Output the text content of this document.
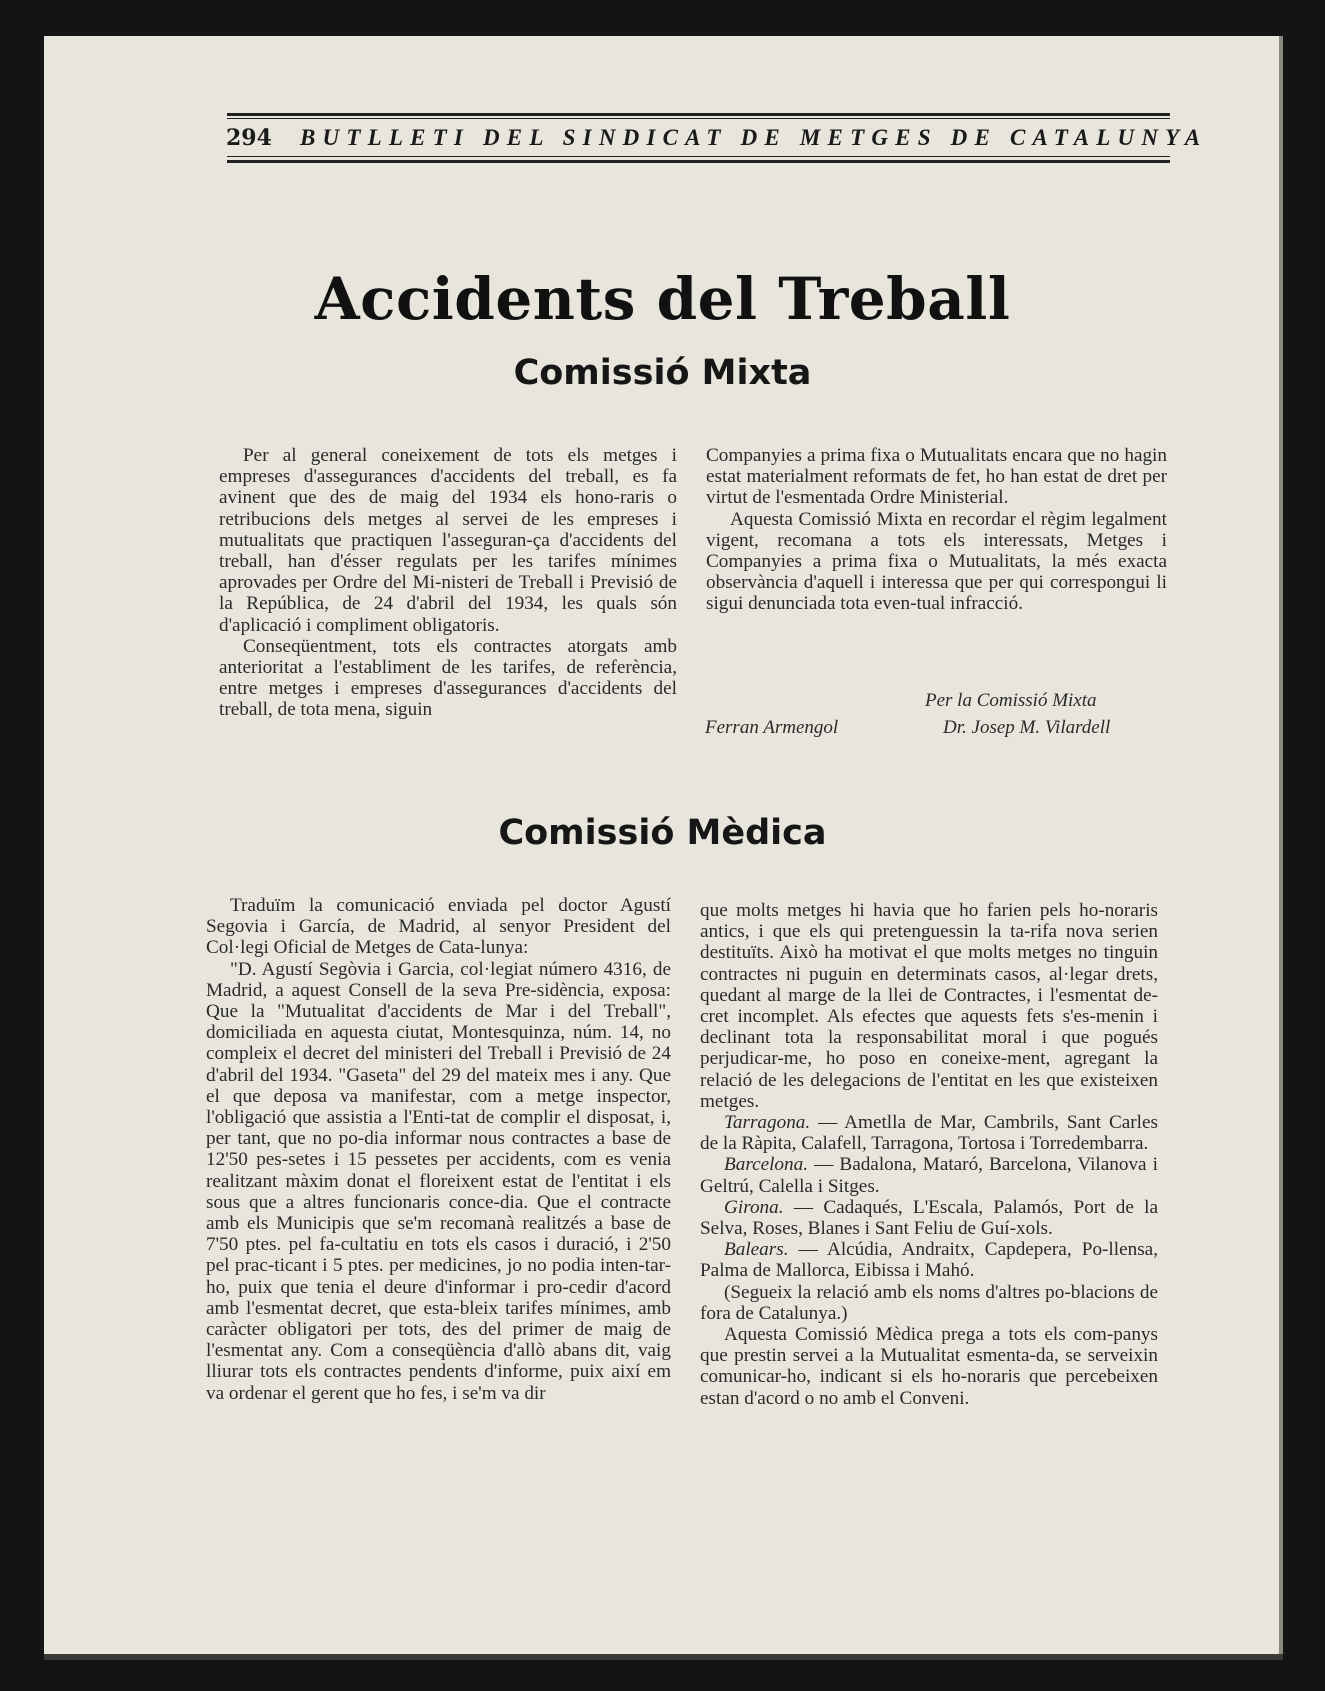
294 BUTLLETI DEL SINDICAT DE METGES DE CATALUNYA
Accidents del Treball
Comissió Mixta

Per al general coneixement de tots els metges i empreses d'assegurances d'accidents del treball, es fa avinent que des de maig del 1934 els hono-raris o retribucions dels metges al servei de les empreses i mutualitats que practiquen l'asseguran-ça d'accidents del treball, han d'ésser regulats per les tarifes mínimes aprovades per Ordre del Mi-nisteri de Treball i Previsió de la República, de 24 d'abril del 1934, les quals són d'aplicació i compliment obligatoris.

Conseqüentment, tots els contractes atorgats amb anterioritat a l'establiment de les tarifes, de referència, entre metges i empreses d'assegurances d'accidents del treball, de tota mena, siguin

Companyies a prima fixa o Mutualitats encara que no hagin estat materialment reformats de fet, ho han estat de dret per virtut de l'esmentada Ordre Ministerial.

Aquesta Comissió Mixta en recordar el règim legalment vigent, recomana a tots els interessats, Metges i Companyies a prima fixa o Mutualitats, la més exacta observància d'aquell i interessa que per qui correspongui li sigui denunciada tota even-tual infracció.

Per la Comissió Mixta
Ferran Armengol	Dr. Josep M. Vilardell
Comissió Mèdica

Traduïm la comunicació enviada pel doctor Agustí Segovia i García, de Madrid, al senyor President del Col·legi Oficial de Metges de Cata-lunya:

"D. Agustí Segòvia i Garcia, col·legiat número 4316, de Madrid, a aquest Consell de la seva Pre-sidència, exposa: Que la "Mutualitat d'accidents de Mar i del Treball", domiciliada en aquesta ciutat, Montesquinza, núm. 14, no compleix el decret del ministeri del Treball i Previsió de 24 d'abril del 1934. "Gaseta" del 29 del mateix mes i any. Que el que deposa va manifestar, com a metge inspector, l'obligació que assistia a l'Enti-tat de complir el disposat, i, per tant, que no po-dia informar nous contractes a base de 12'50 pes-setes i 15 pessetes per accidents, com es venia realitzant màxim donat el floreixent estat de l'entitat i els sous que a altres funcionaris conce-dia. Que el contracte amb els Municipis que se'm recomanà realitzés a base de 7'50 ptes. pel fa-cultatiu en tots els casos i duració, i 2'50 pel prac-ticant i 5 ptes. per medicines, jo no podia inten-tar-ho, puix que tenia el deure d'informar i pro-cedir d'acord amb l'esmentat decret, que esta-bleix tarifes mínimes, amb caràcter obligatori per tots, des del primer de maig de l'esmentat any. Com a conseqüència d'allò abans dit, vaig lliurar tots els contractes pendents d'informe, puix així em va ordenar el gerent que ho fes, i se'm va dir

que molts metges hi havia que ho farien pels ho-noraris antics, i que els qui pretenguessin la ta-rifa nova serien destituïts. Això ha motivat el que molts metges no tinguin contractes ni puguin en determinats casos, al·legar drets, quedant al marge de la llei de Contractes, i l'esmentat de-cret incomplet. Als efectes que aquests fets s'es-menin i declinant tota la responsabilitat moral i que pogués perjudicar-me, ho poso en coneixe-ment, agregant la relació de les delegacions de l'entitat en les que existeixen metges.

Tarragona. — Ametlla de Mar, Cambrils, Sant Carles de la Ràpita, Calafell, Tarragona, Tortosa i Torredembarra.

Barcelona. — Badalona, Mataró, Barcelona, Vilanova i Geltrú, Calella i Sitges.

Girona. — Cadaqués, L'Escala, Palamós, Port de la Selva, Roses, Blanes i Sant Feliu de Guí-xols.

Balears. — Alcúdia, Andraitx, Capdepera, Po-llensa, Palma de Mallorca, Eibissa i Mahó.

(Segueix la relació amb els noms d'altres po-blacions de fora de Catalunya.)

Aquesta Comissió Mèdica prega a tots els com-panys que prestin servei a la Mutualitat esmenta-da, se serveixin comunicar-ho, indicant si els ho-noraris que percebeixen estan d'acord o no amb el Conveni.
